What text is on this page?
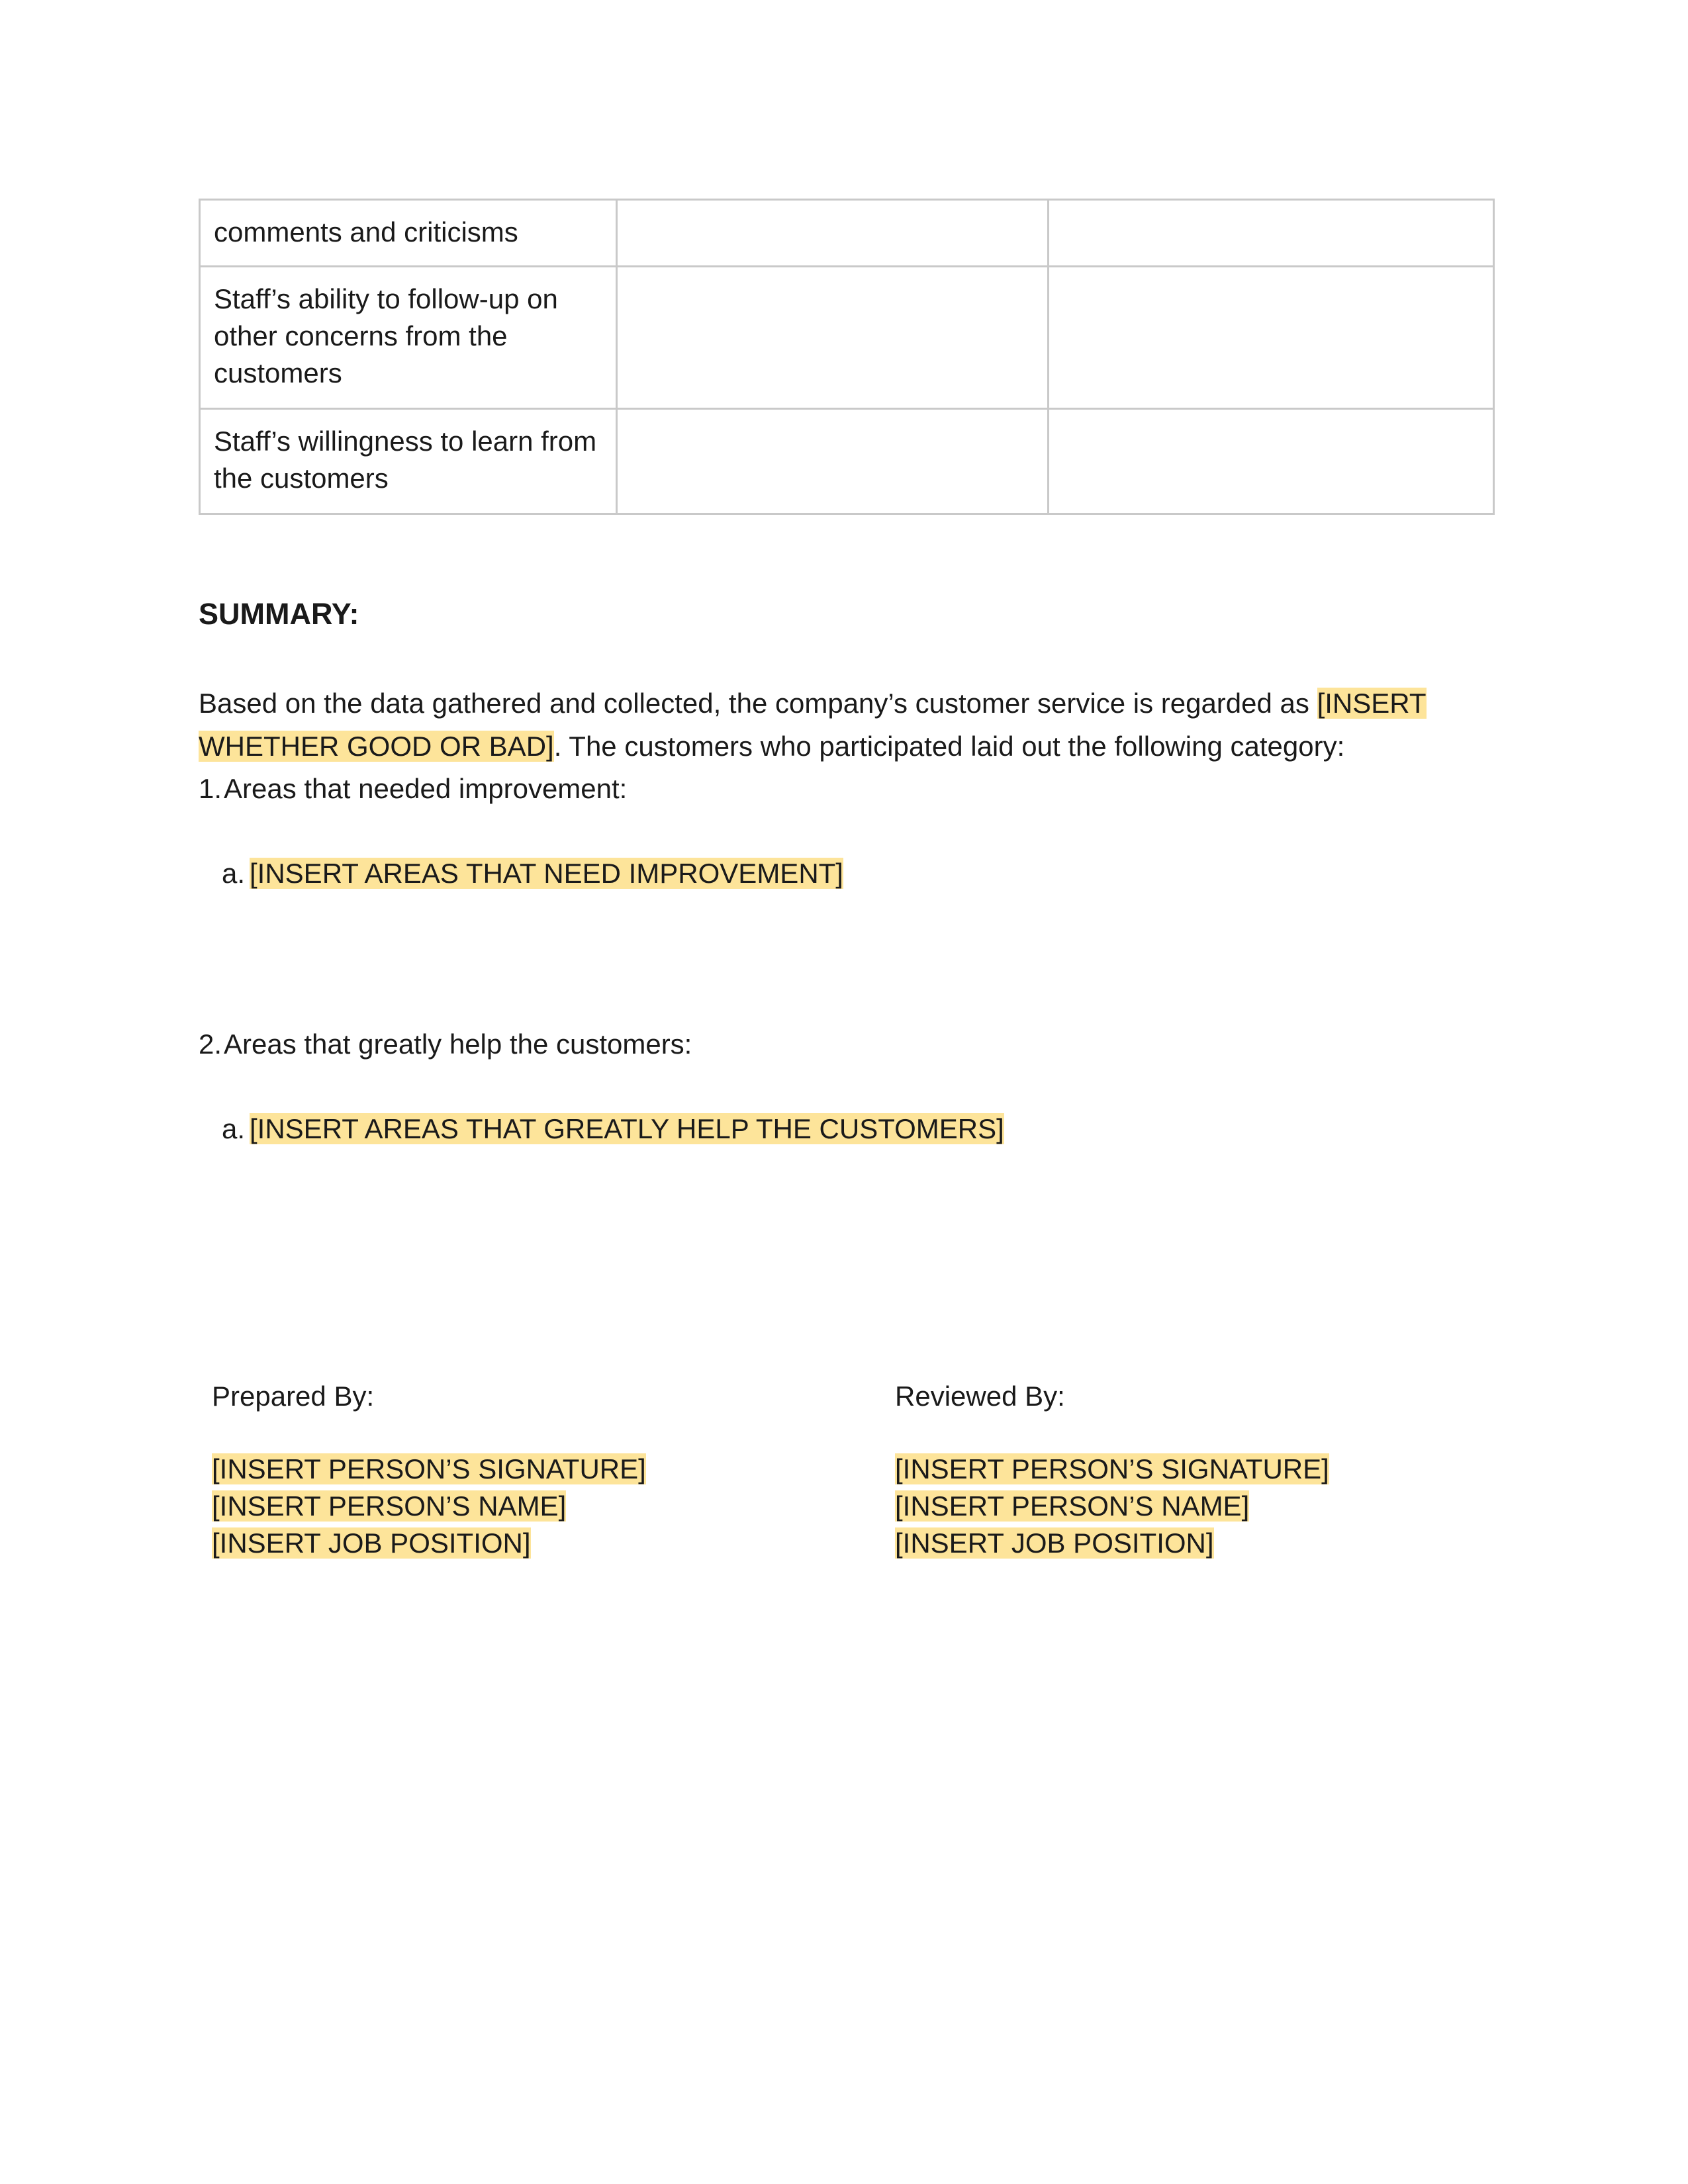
comments and criticisms		
Staff’s ability to follow-up on other concerns from the customers		
Staff’s willingness to learn from the customers		
SUMMARY:
Based on the data gathered and collected, the company’s customer service is regarded as [INSERT WHETHER GOOD OR BAD]. The customers who participated laid out the following category:
1.Areas that needed improvement:
a. [INSERT AREAS THAT NEED IMPROVEMENT]
2.Areas that greatly help the customers:
a. [INSERT AREAS THAT GREATLY HELP THE CUSTOMERS]
Prepared By:
[INSERT PERSON’S SIGNATURE]
[INSERT PERSON’S NAME]
[INSERT JOB POSITION]
Reviewed By:
[INSERT PERSON’S SIGNATURE]
[INSERT PERSON’S NAME]
[INSERT JOB POSITION]
